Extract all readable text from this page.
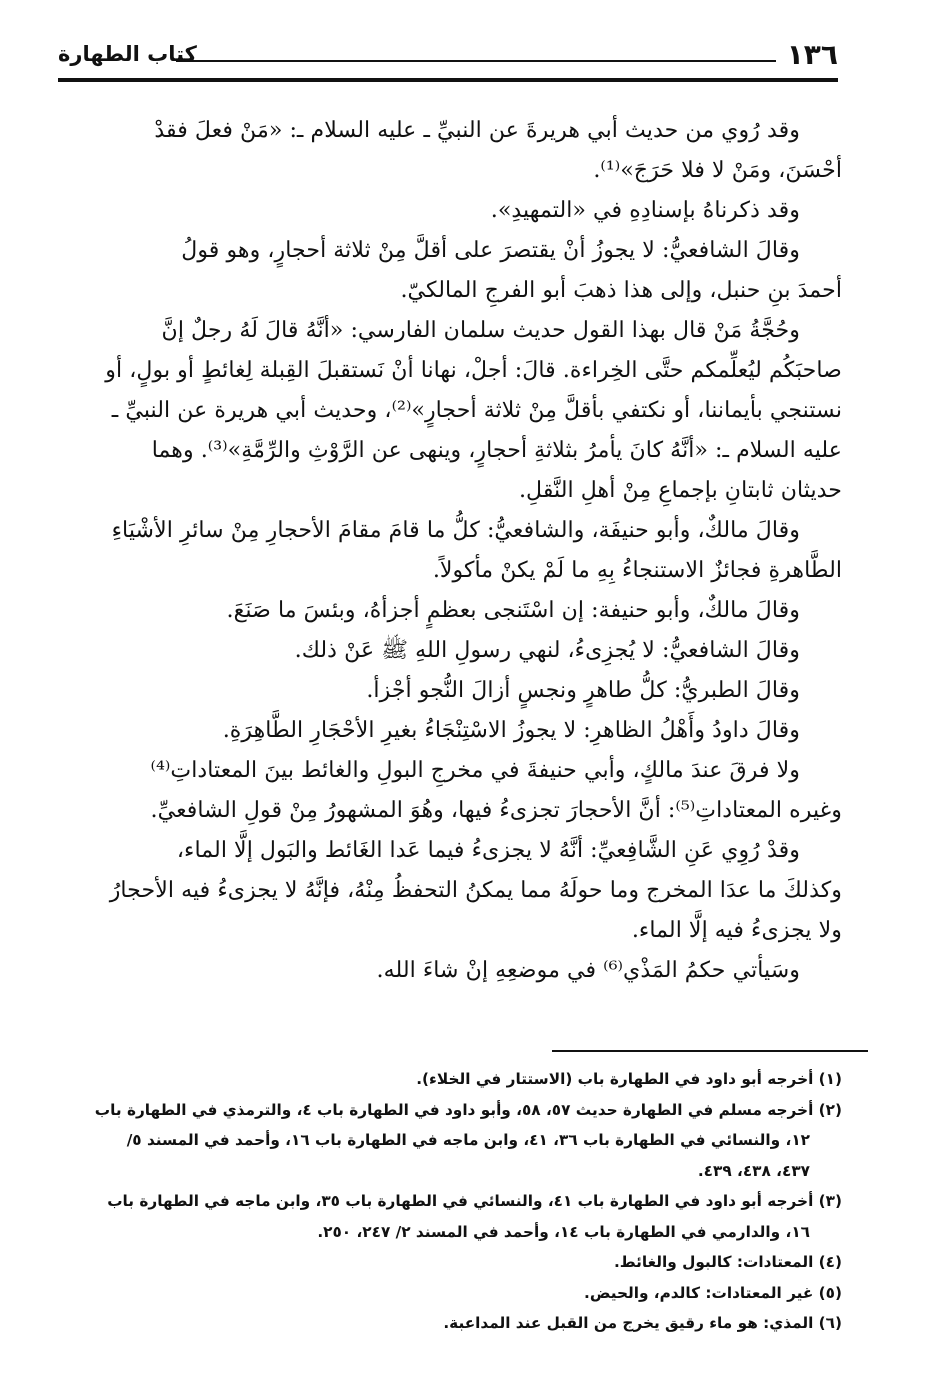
١٣٦
كتاب الطهارة

وقد رُوي من حديث أبي هريرةَ عن النبيِّ ـ عليه السلام ـ: «مَنْ فعلَ فقدْ
أحْسَنَ، ومَنْ لا فلا حَرَجَ»⁽¹⁾.

وقد ذكرناهُ بإسنادِهِ في «التمهيدِ».

وقالَ الشافعيُّ: لا يجوزُ أنْ يقتصرَ على أقلَّ مِنْ ثلاثة أحجارٍ، وهو قولُ
أحمدَ بنِ حنبل، وإلى هذا ذهبَ أبو الفرجِ المالكيّ.

وحُجَّةُ مَنْ قال بهذا القول حديث سلمان الفارسي: «أنَّهُ قالَ لَهُ رجلٌ إنَّ
صاحبَكُم ليُعلِّمكم حتَّى الخِراءة. قالَ: أجلْ، نهانا أنْ نَستقبلَ القِبلة لِغائطٍ أو بولٍ، أو
نستنجي بأيماننا، أو نكتفي بأقلَّ مِنْ ثلاثة أحجارٍ»⁽²⁾، وحديث أبي هريرة عن النبيِّ ـ
عليه السلام ـ: «أنَّهُ كانَ يأمرُ بثلاثةِ أحجارٍ، وينهى عن الرَّوْثِ والرِّمَّةِ»⁽³⁾. وهما
حديثان ثابتانِ بإجماعِ مِنْ أهلِ النَّقلِ.

وقالَ مالكٌ، وأبو حنيفَة، والشافعيُّ: كلُّ ما قامَ مقامَ الأحجارِ مِنْ سائرِ الأشْيَاءِ
الطَّاهرةِ فجائزٌ الاستنجاءُ بِهِ ما لَمْ يكنْ مأكولاً.

وقالَ مالكٌ، وأبو حنيفة: إن اسْتَنجى بعظمٍ أجزأهُ، وبئسَ ما صَنَعَ.

وقالَ الشافعيُّ: لا يُجزِىءُ، لنهي رسولِ اللهِ ﷺ عَنْ ذلك.

وقالَ الطبريُّ: كلُّ طاهرٍ ونجسٍ أزالَ النُّجو أجْزأ.

وقالَ داودُ وأَهْلُ الظاهرِ: لا يجوزُ الاسْتِنْجَاءُ بغيرِ الأحْجَارِ الطَّاهِرَةِ.

ولا فرقَ عندَ مالكٍ، وأبي حنيفةَ في مخرجِ البولِ والغائط بينَ المعتاداتِ⁽⁴⁾
وغيره المعتاداتِ⁽⁵⁾: أنَّ الأحجارَ تجزىءُ فيها، وهُوَ المشهورُ مِنْ قولِ الشافعيِّ.

وقدْ رُوِي عَنِ الشَّافِعيِّ: أنَّهُ لا يجزىءُ فيما عَدا الغَائط والبَول إلَّا الماء،
وكذلكَ ما عدَا المخرج وما حولَهُ مما يمكنُ التحفظُ مِنْهُ، فإنَّهُ لا يجزىءُ فيه الأحجارُ
ولا يجزىءُ فيه إلَّا الماء.

وسَيأتي حكمُ المَذْي⁽⁶⁾ في موضعِهِ إنْ شاءَ الله.

(١) أخرجه أبو داود في الطهارة باب (الاستتار في الخلاء).

(٢) أخرجه مسلم في الطهارة حديث ٥٧، ٥٨، وأبو داود في الطهارة باب ٤، والترمذي في الطهارة باب
١٢، والنسائي في الطهارة باب ٣٦، ٤١، وابن ماجه في الطهارة باب ١٦، وأحمد في المسند ٥/
٤٣٧، ٤٣٨، ٤٣٩.

(٣) أخرجه أبو داود في الطهارة باب ٤١، والنسائي في الطهارة باب ٣٥، وابن ماجه في الطهارة باب
١٦، والدارمي في الطهارة باب ١٤، وأحمد في المسند ٢/ ٢٤٧، ٢٥٠.

(٤) المعتادات: كالبول والغائط.

(٥) غير المعتادات: كالدم، والحيض.

(٦) المذي: هو ماء رقيق يخرج من القبل عند المداعبة.
